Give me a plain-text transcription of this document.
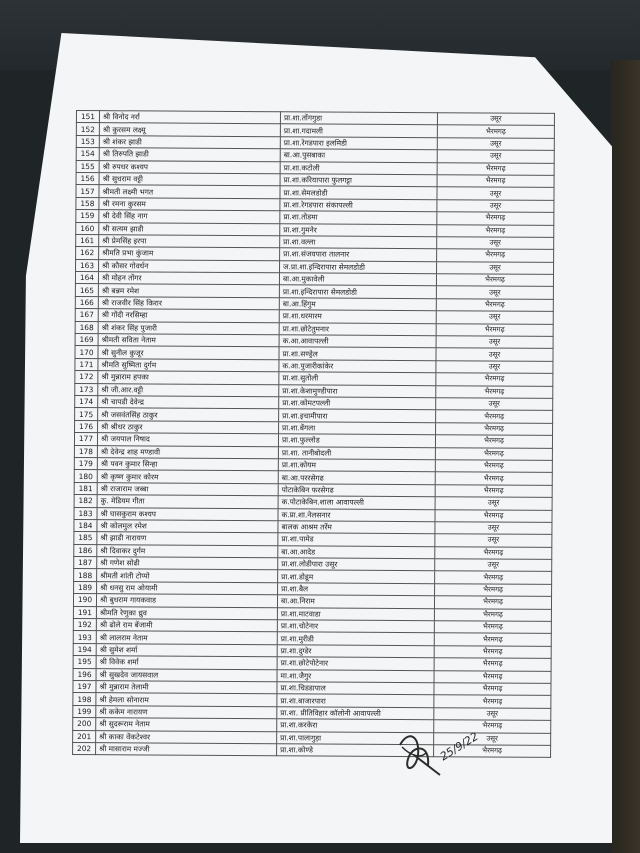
151	श्री विनोद नर्रा	प्रा.शा.तोंगगुडा	उसूर
152	श्री कुरसम लक्ष्मू	प्रा.शा.गदामली	भैरमगढ़
153	श्री शंकर झाडी	प्रा.शा.रेगडपारा इलमिडी	उसूर
154	श्री तिरुपति झाडी	बा.आ.पुसबाका	उसूर
155	श्री रुपधर कश्यप	प्रा.शा.कटोली	भैरमगढ़
156	श्री सुधराम वट्टी	प्रा.शा.करियापारा फुलगट्टा	भैरमगढ़
157	श्रीमती लक्ष्मी भगत	प्रा.शा.सेमलडोडी	उसूर
158	श्री रमना कुरसम	प्रा.शा.रेगडपारा संकापल्ली	उसूर
159	श्री देवी सिंह नाग	प्रा.शा.तोडमा	भैरमगढ़
160	श्री सत्यम झाडी	प्रा.शा.गुमनेर	भैरमगढ़
161	श्री प्रेमसिंह इरपा	प्रा.शा.वल्ला	उसूर
162	श्रीमति प्रभा कुंजाम	प्रा.शा.संजयपारा तालनार	भैरमगढ़
163	श्री कौसर गोवर्धन	ज.प्रा.शा.इन्दिरापारा सेमलडोडी	उसूर
164	श्री मोहन तोंगर	बा.आ.मुकावेली	भैरमगढ़
165	श्री बन्नम रमेश	प्रा.शा.इन्दिरापारा सेमलडोडी	उसूर
166	श्री राजवीर सिंह किरार	बा.आ.हिंगुम	भैरमगढ़
167	श्री गोंदी नरसिम्हा	प्रा.शा.धरमारम	उसूर
168	श्री शंकर सिंह पुजारी	प्रा.शा.छोटेतुमनार	भैरमगढ़
169	श्रीमती सविता नेताम	क.आ.आवापल्ली	उसूर
170	श्री सुनील कुजूर	प्रा.शा.सण्ड्रेल	उसूर
171	श्रीमति सुष्मिता दुर्गम	क.आ.पुजारीकांकेर	उसूर
172	श्री मुन्नाराम हपका	प्रा.शा.सुतोली	भैरमगढ़
173	श्री जी.आर.वट्टी	प्रा.शा.केशामुण्डीपारा	भैरमगढ़
174	श्री चापडी देवेन्द्र	प्रा.शा.कोमटपल्ली	उसूर
175	श्री जसवंतसिंह ठाकुर	प्रा.शा.इचामीपारा	भैरमगढ़
176	श्री श्रीधर ठाकुर	प्रा.शा.बेंगला	भैरमगढ़
177	श्री जयपाल निषाद	प्रा.शा.फुल्लोड	भैरमगढ़
178	श्री देवेन्द्र शाह मण्डावी	प्रा.शा. तानीबोदली	भैरमगढ़
179	श्री पवन कुमार सिन्हा	प्रा.शा.कोयम	भैरमगढ़
180	श्री कृष्ण कुमार कोरम	बा.आ.पररसेगढ	भैरमगढ़
181	श्री राजाराम जब्बा	पोटाकेबिन फरसेगढ	भैरमगढ़
182	कु. मेडियम गीता	क.पोटाकेबिन.शाला आवापल्ली	उसूर
183	श्री घासकुराम कश्यप	क.प्रा.शा.नेलसनार	भैरमगढ़
184	श्री कोलमुल रमेश	बालक आश्रम तर्रेम	उसूर
185	श्री झाडी नारायण	प्रा.शा.पामेड	उसूर
186	श्री दिवाकर दुर्गम	बा.आ.आदेड	भैरमगढ़
187	श्री गणेश सोढी	प्रा.शा.लोडीपारा उसूर	उसूर
188	श्रीमती शांती टोप्पो	प्रा.शा.डोडूम	भैरमगढ़
189	श्री धनसु राम ओयामी	प्रा.शा.बैल	भैरमगढ़
190	श्री बुधराम गायकवाड	बा.आ.निराम	भैरमगढ़
191	श्रीमति रेणुका ध्रुव	प्रा.शा.माटवाडा	भैरमगढ़
192	श्री ढोले राम बेंजामी	प्रा.शा.चोटेनार	भैरमगढ़
193	श्री लालराम नेताम	प्रा.शा.मुरीडी	भैरमगढ़
194	श्री सुमेश शर्मा	प्रा.शा.दुग्डेर	भैरमगढ़
195	श्री विवेक शर्मा	प्रा.शा.छोटेपोटेनार	भैरमगढ़
196	श्री सुखदेव जायसवाल	मा.शा.जैगुर	भैरमगढ़
197	श्री मुन्नाराम तेलामी	प्रा.शा.चिडडापाल	भैरमगढ़
198	श्री हेमला सोनाराम	प्रा.शा.बाजारपारा	भैरमगढ़
199	श्री ककेम नारायण	प्रा.शा. प्रीतिविहार कॉलोनी आवापल्ली	उसूर
200	श्री सुदरूराम नेताम	प्रा.शा.करकेरा	भैरमगढ़
201	श्री काका वेंकटेश्वर	प्रा.शा.पालागुड़ा	उसूर
202	श्री मासाराम मज्जी	प्रा.शा.कोण्डे	भैरमगढ़
25/9/22
